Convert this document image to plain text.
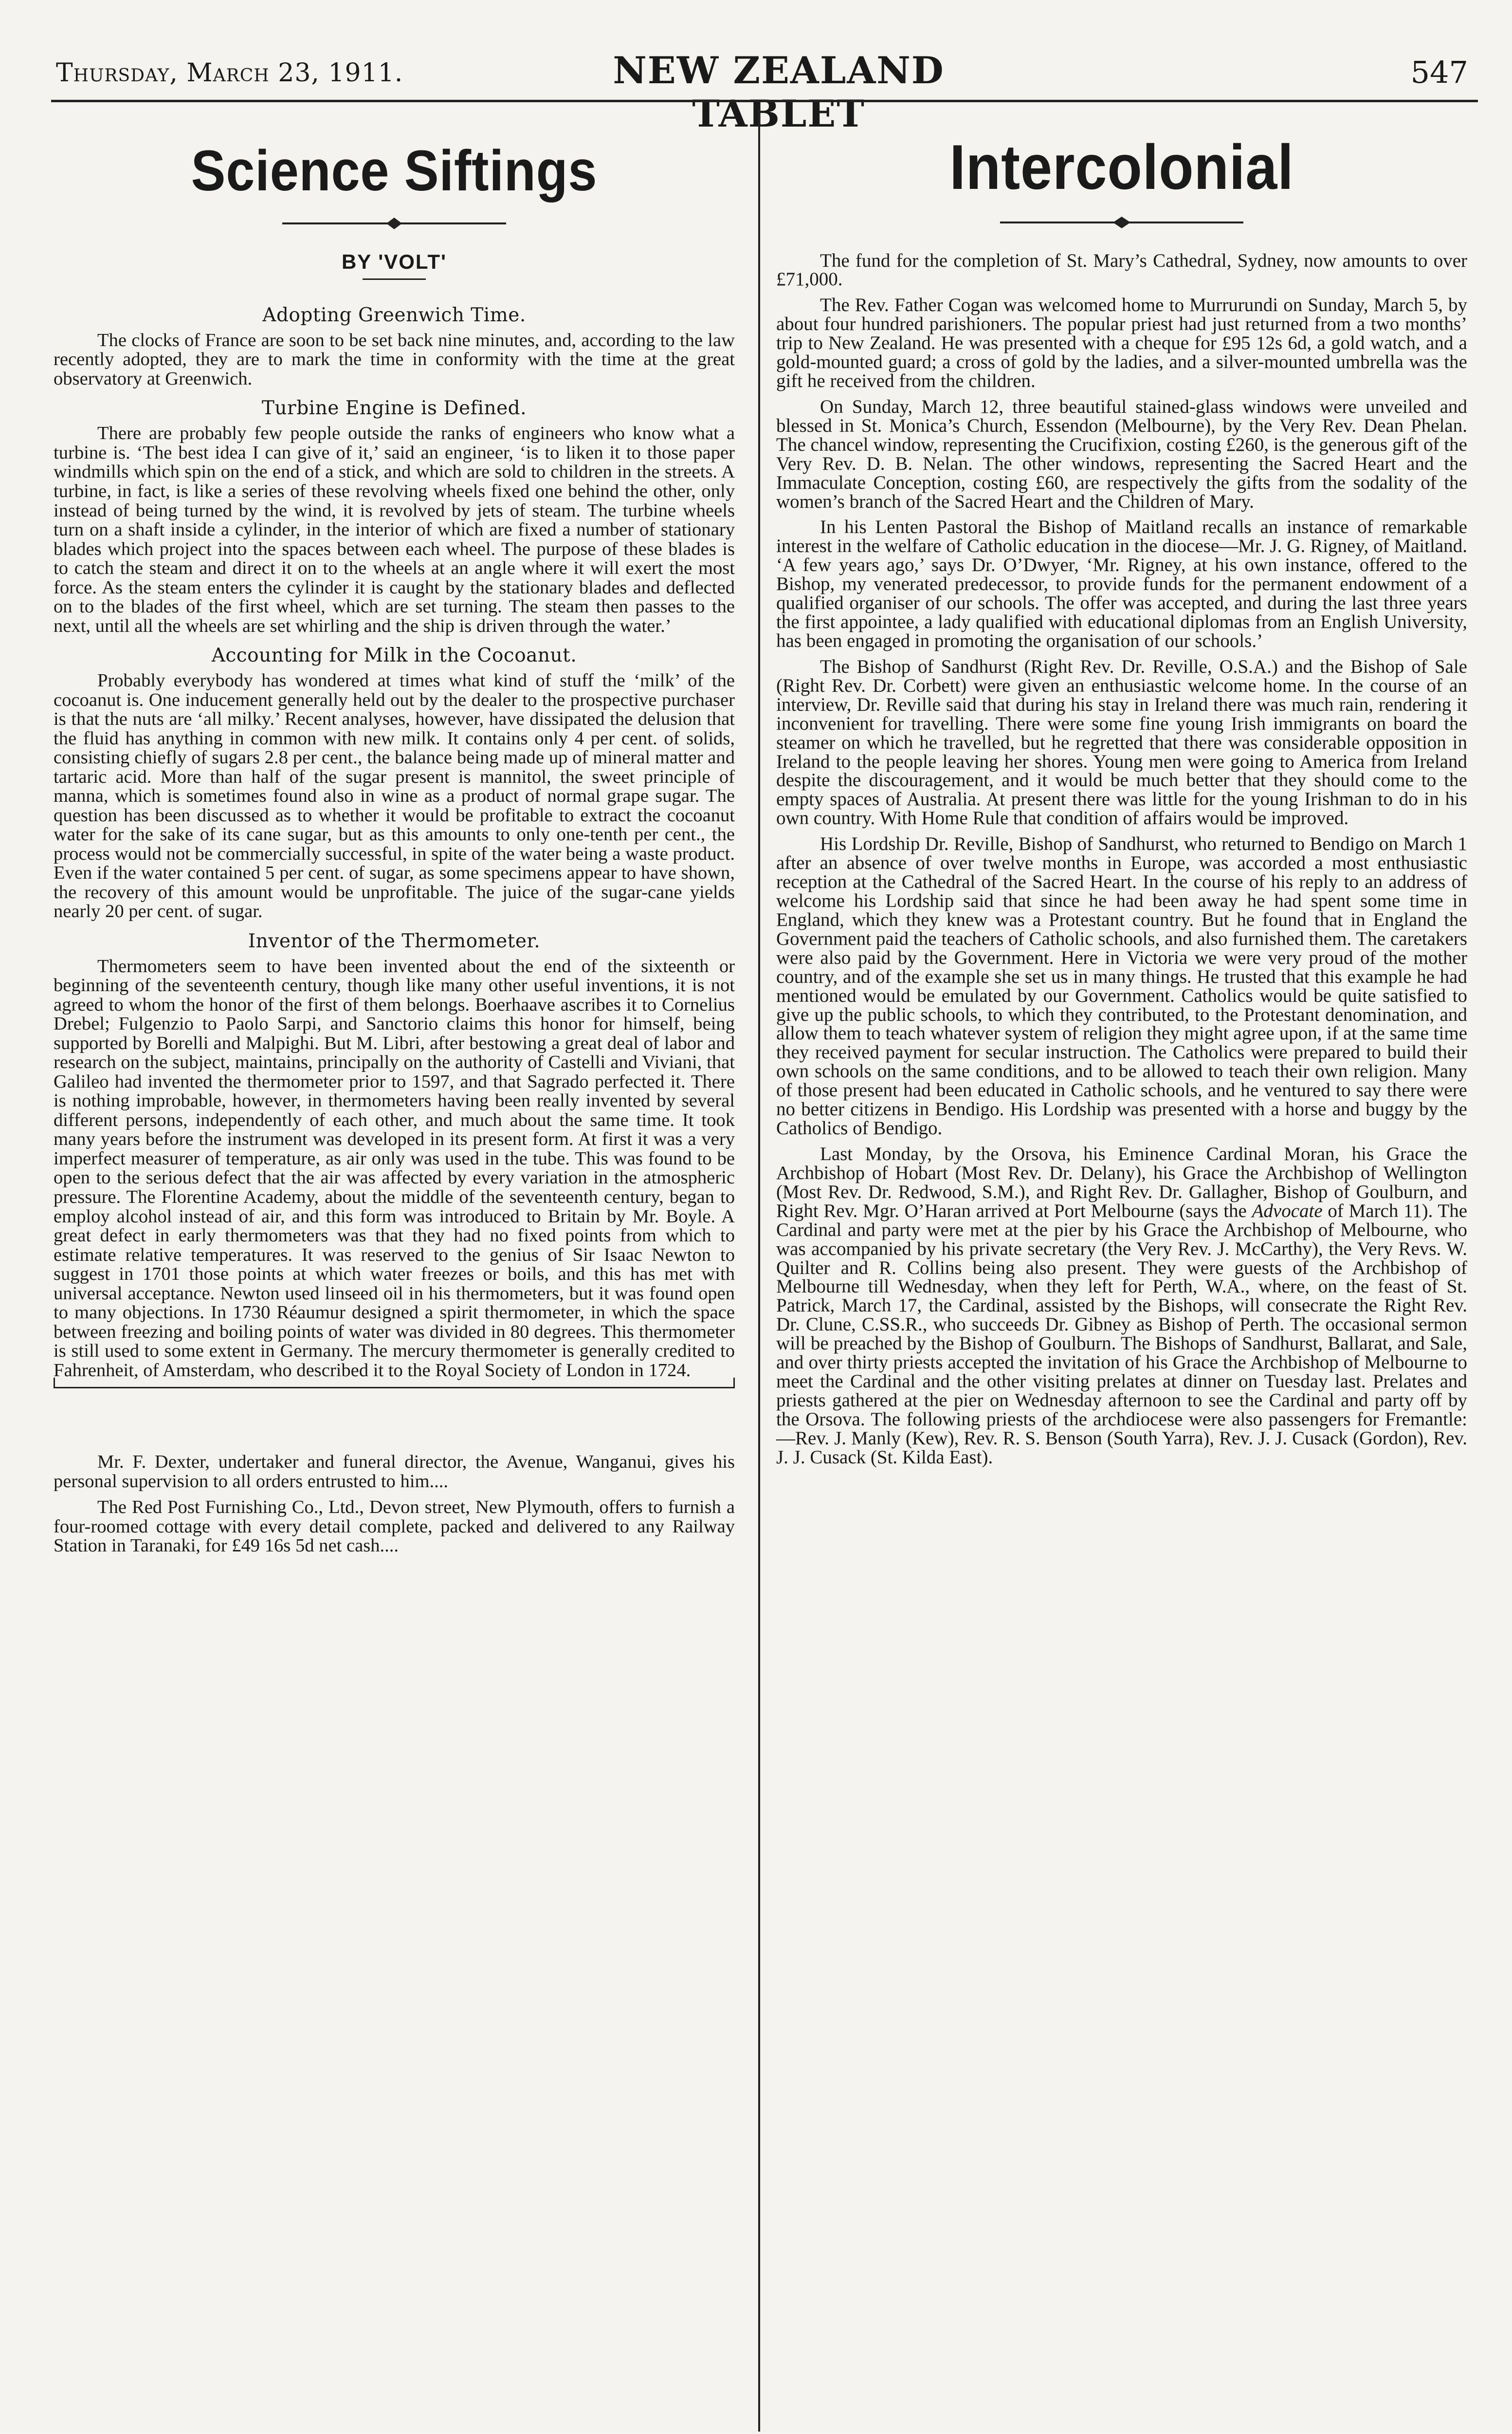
Thursday, March 23, 1911.	NEW ZEALAND TABLET
547
Science Siftings
BY 'VOLT'
Adopting Greenwich Time.

The clocks of France are soon to be set back nine minutes, and, according to the law recently adopted, they are to mark the time in conformity with the time at the great observatory at Greenwich.

Turbine Engine is Defined.

There are probably few people outside the ranks of engineers who know what a turbine is. ‘The best idea I can give of it,’ said an engineer, ‘is to liken it to those paper windmills which spin on the end of a stick, and which are sold to children in the streets. A turbine, in fact, is like a series of these revolving wheels fixed one behind the other, only instead of being turned by the wind, it is revolved by jets of steam. The turbine wheels turn on a shaft inside a cylinder, in the interior of which are fixed a number of stationary blades which project into the spaces between each wheel. The purpose of these blades is to catch the steam and direct it on to the wheels at an angle where it will exert the most force. As the steam enters the cylinder it is caught by the stationary blades and deflected on to the blades of the first wheel, which are set turning. The steam then passes to the next, until all the wheels are set whirling and the ship is driven through the water.’

Accounting for Milk in the Cocoanut.

Probably everybody has wondered at times what kind of stuff the ‘milk’ of the cocoanut is. One inducement generally held out by the dealer to the prospective purchaser is that the nuts are ‘all milky.’ Recent analyses, however, have dissipated the delusion that the fluid has anything in common with new milk. It contains only 4 per cent. of solids, consisting chiefly of sugars 2.8 per cent., the balance being made up of mineral matter and tartaric acid. More than half of the sugar present is mannitol, the sweet principle of manna, which is sometimes found also in wine as a product of normal grape sugar. The question has been discussed as to whether it would be profitable to extract the cocoanut water for the sake of its cane sugar, but as this amounts to only one-tenth per cent., the process would not be commercially successful, in spite of the water being a waste product. Even if the water contained 5 per cent. of sugar, as some specimens appear to have shown, the recovery of this amount would be unprofitable. The juice of the sugar-cane yields nearly 20 per cent. of sugar.

Inventor of the Thermometer.

Thermometers seem to have been invented about the end of the sixteenth or beginning of the seventeenth century, though like many other useful inventions, it is not agreed to whom the honor of the first of them belongs. Boerhaave ascribes it to Cornelius Drebel; Fulgenzio to Paolo Sarpi, and Sanctorio claims this honor for himself, being supported by Borelli and Malpighi. But M. Libri, after bestowing a great deal of labor and research on the subject, maintains, principally on the authority of Castelli and Viviani, that Galileo had invented the thermometer prior to 1597, and that Sagrado perfected it. There is nothing improbable, however, in thermometers having been really invented by several different persons, independently of each other, and much about the same time. It took many years before the instrument was developed in its present form. At first it was a very imperfect measurer of temperature, as air only was used in the tube. This was found to be open to the serious defect that the air was affected by every variation in the atmospheric pressure. The Florentine Academy, about the middle of the seventeenth century, began to employ alcohol instead of air, and this form was introduced to Britain by Mr. Boyle. A great defect in early thermometers was that they had no fixed points from which to estimate relative temperatures. It was reserved to the genius of Sir Isaac Newton to suggest in 1701 those points at which water freezes or boils, and this has met with universal acceptance. Newton used linseed oil in his thermometers, but it was found open to many objections. In 1730 Réaumur designed a spirit thermometer, in which the space between freezing and boiling points of water was divided in 80 degrees. This thermometer is still used to some extent in Germany. The mercury thermometer is generally credited to Fahrenheit, of Amsterdam, who described it to the Royal Society of London in 1724.

Mr. F. Dexter, undertaker and funeral director, the Avenue, Wanganui, gives his personal supervision to all orders entrusted to him....

The Red Post Furnishing Co., Ltd., Devon street, New Plymouth, offers to furnish a four-roomed cottage with every detail complete, packed and delivered to any Railway Station in Taranaki, for £49 16s 5d net cash....

Intercolonial

The fund for the completion of St. Mary’s Cathedral, Sydney, now amounts to over £71,000.

The Rev. Father Cogan was welcomed home to Murrurundi on Sunday, March 5, by about four hundred parishioners. The popular priest had just returned from a two months’ trip to New Zealand. He was presented with a cheque for £95 12s 6d, a gold watch, and a gold-mounted guard; a cross of gold by the ladies, and a silver-mounted umbrella was the gift he received from the children.

On Sunday, March 12, three beautiful stained-glass windows were unveiled and blessed in St. Monica’s Church, Essendon (Melbourne), by the Very Rev. Dean Phelan. The chancel window, representing the Crucifixion, costing £260, is the generous gift of the Very Rev. D. B. Nelan. The other windows, representing the Sacred Heart and the Immaculate Conception, costing £60, are respectively the gifts from the sodality of the women’s branch of the Sacred Heart and the Children of Mary.

In his Lenten Pastoral the Bishop of Maitland recalls an instance of remarkable interest in the welfare of Catholic education in the diocese—Mr. J. G. Rigney, of Maitland. ‘A few years ago,’ says Dr. O’Dwyer, ‘Mr. Rigney, at his own instance, offered to the Bishop, my venerated predecessor, to provide funds for the permanent endowment of a qualified organiser of our schools. The offer was accepted, and during the last three years the first appointee, a lady qualified with educational diplomas from an English University, has been engaged in promoting the organisation of our schools.’

The Bishop of Sandhurst (Right Rev. Dr. Reville, O.S.A.) and the Bishop of Sale (Right Rev. Dr. Corbett) were given an enthusiastic welcome home. In the course of an interview, Dr. Reville said that during his stay in Ireland there was much rain, rendering it inconvenient for travelling. There were some fine young Irish immigrants on board the steamer on which he travelled, but he regretted that there was considerable opposition in Ireland to the people leaving her shores. Young men were going to America from Ireland despite the discouragement, and it would be much better that they should come to the empty spaces of Australia. At present there was little for the young Irishman to do in his own country. With Home Rule that condition of affairs would be improved.

His Lordship Dr. Reville, Bishop of Sandhurst, who returned to Bendigo on March 1 after an absence of over twelve months in Europe, was accorded a most enthusiastic reception at the Cathedral of the Sacred Heart. In the course of his reply to an address of welcome his Lordship said that since he had been away he had spent some time in England, which they knew was a Protestant country. But he found that in England the Government paid the teachers of Catholic schools, and also furnished them. The caretakers were also paid by the Government. Here in Victoria we were very proud of the mother country, and of the example she set us in many things. He trusted that this example he had mentioned would be emulated by our Government. Catholics would be quite satisfied to give up the public schools, to which they contributed, to the Protestant denomination, and allow them to teach whatever system of religion they might agree upon, if at the same time they received payment for secular instruction. The Catholics were prepared to build their own schools on the same conditions, and to be allowed to teach their own religion. Many of those present had been educated in Catholic schools, and he ventured to say there were no better citizens in Bendigo. His Lordship was presented with a horse and buggy by the Catholics of Bendigo.

Last Monday, by the Orsova, his Eminence Cardinal Moran, his Grace the Archbishop of Hobart (Most Rev. Dr. Delany), his Grace the Archbishop of Wellington (Most Rev. Dr. Redwood, S.M.), and Right Rev. Dr. Gallagher, Bishop of Goulburn, and Right Rev. Mgr. O’Haran arrived at Port Melbourne (says the Advocate of March 11). The Cardinal and party were met at the pier by his Grace the Archbishop of Melbourne, who was accompanied by his private secretary (the Very Rev. J. McCarthy), the Very Revs. W. Quilter and R. Collins being also present. They were guests of the Archbishop of Melbourne till Wednesday, when they left for Perth, W.A., where, on the feast of St. Patrick, March 17, the Cardinal, assisted by the Bishops, will consecrate the Right Rev. Dr. Clune, C.SS.R., who succeeds Dr. Gibney as Bishop of Perth. The occasional sermon will be preached by the Bishop of Goulburn. The Bishops of Sandhurst, Ballarat, and Sale, and over thirty priests accepted the invitation of his Grace the Archbishop of Melbourne to meet the Cardinal and the other visiting prelates at dinner on Tuesday last. Prelates and priests gathered at the pier on Wednesday afternoon to see the Cardinal and party off by the Orsova. The following priests of the archdiocese were also passengers for Fremantle:—Rev. J. Manly (Kew), Rev. R. S. Benson (South Yarra), Rev. J. J. Cusack (Gordon), Rev. J. J. Cusack (St. Kilda East).
